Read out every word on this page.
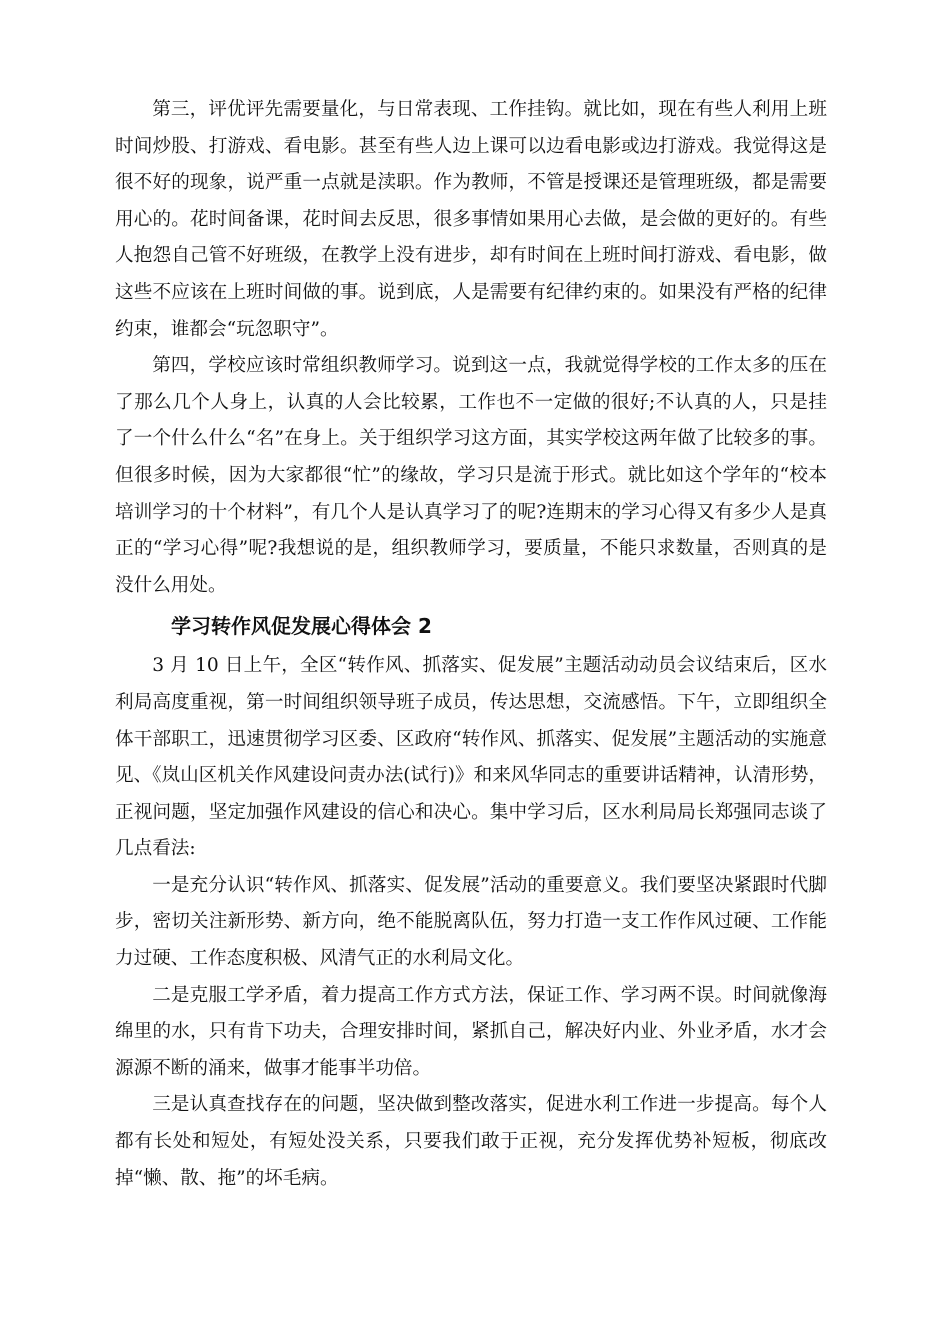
第三，评优评先需要量化，与日常表现、工作挂钩。就比如，现在有些人利用上班时间炒股、打游戏、看电影。甚至有些人边上课可以边看电影或边打游戏。我觉得这是很不好的现象，说严重一点就是渎职。作为教师，不管是授课还是管理班级，都是需要用心的。花时间备课，花时间去反思，很多事情如果用心去做，是会做的更好的。有些人抱怨自己管不好班级，在教学上没有进步，却有时间在上班时间打游戏、看电影，做这些不应该在上班时间做的事。说到底，人是需要有纪律约束的。如果没有严格的纪律约束，谁都会“玩忽职守”。

第四，学校应该时常组织教师学习。说到这一点，我就觉得学校的工作太多的压在了那么几个人身上，认真的人会比较累，工作也不一定做的很好;不认真的人，只是挂了一个什么什么“名”在身上。关于组织学习这方面，其实学校这两年做了比较多的事。但很多时候，因为大家都很“忙”的缘故，学习只是流于形式。就比如这个学年的“校本培训学习的十个材料”，有几个人是认真学习了的呢?连期末的学习心得又有多少人是真正的“学习心得”呢?我想说的是，组织教师学习，要质量，不能只求数量，否则真的是没什么用处。

学习转作风促发展心得体会 2

3 月 10 日上午，全区“转作风、抓落实、促发展”主题活动动员会议结束后，区水利局高度重视，第一时间组织领导班子成员，传达思想，交流感悟。下午，立即组织全体干部职工，迅速贯彻学习区委、区政府“转作风、抓落实、促发展”主题活动的实施意见、《岚山区机关作风建设问责办法(试行)》和来风华同志的重要讲话精神，认清形势，正视问题，坚定加强作风建设的信心和决心。集中学习后，区水利局局长郑强同志谈了几点看法:

一是充分认识“转作风、抓落实、促发展”活动的重要意义。我们要坚决紧跟时代脚步，密切关注新形势、新方向，绝不能脱离队伍，努力打造一支工作作风过硬、工作能力过硬、工作态度积极、风清气正的水利局文化。

二是克服工学矛盾，着力提高工作方式方法，保证工作、学习两不误。时间就像海绵里的水，只有肯下功夫，合理安排时间，紧抓自己，解决好内业、外业矛盾，水才会源源不断的涌来，做事才能事半功倍。

三是认真查找存在的问题，坚决做到整改落实，促进水利工作进一步提高。每个人都有长处和短处，有短处没关系，只要我们敢于正视，充分发挥优势补短板，彻底改掉“懒、散、拖”的坏毛病。
